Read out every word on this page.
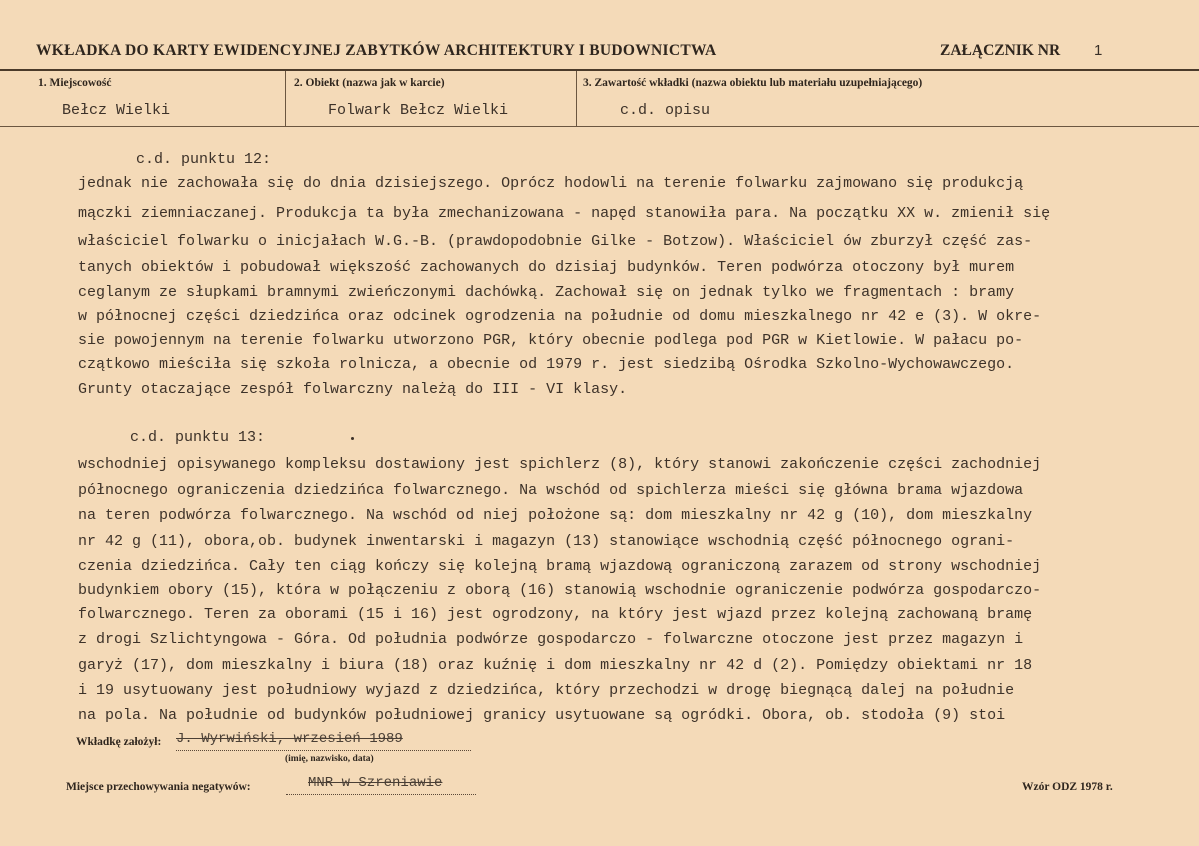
WKŁADKA DO KARTY EWIDENCYJNEJ ZABYTKÓW ARCHITEKTURY I BUDOWNICTWA	ZAŁĄCZNIK NR 1
1. Miejscowość
Bełcz Wielki
2. Obiekt (nazwa jak w karcie)
Folwark Bełcz Wielki
3. Zawartość wkładki (nazwa obiektu lub materiału uzupełniającego)
c.d. opisu
c.d. punktu 12:
jednak nie zachowała się do dnia dzisiejszego. Oprócz hodowli na terenie folwarku zajmowano się produkcją
mączki ziemniaczanej. Produkcja ta była zmechanizowana - napęd stanowiła para. Na początku XX w. zmienił się
właściciel folwarku o inicjałach W.G.-B. (prawdopodobnie Gilke - Botzow). Właściciel ów zburzył część zas-
tanych obiektów i pobudował większość zachowanych do dzisiaj budynków. Teren podwórza otoczony był murem
ceglanym ze słupkami bramnymi zwieńczonymi dachówką. Zachował się on jednak tylko we fragmentach : bramy
w północnej części dziedzińca oraz odcinek ogrodzenia na południe od domu mieszkalnego nr 42 e (3). W okre-
sie powojennym na terenie folwarku utworzono PGR, który obecnie podlega pod PGR w Kietlowie. W pałacu po-
czątkowo mieściła się szkoła rolnicza, a obecnie od 1979 r. jest siedzibą Ośrodka Szkolno-Wychowawczego.
Grunty otaczające zespół folwarczny należą do III - VI klasy.
c.d. punktu 13:
wschodniej opisywanego kompleksu dostawiony jest spichlerz (8), który stanowi zakończenie części zachodniej
północnego ograniczenia dziedzińca folwarcznego. Na wschód od spichlerza mieści się główna brama wjazdowa
na teren podwórza folwarcznego. Na wschód od niej położone są: dom mieszkalny nr 42 g (10), dom mieszkalny
nr 42 g (11), obora,ob. budynek inwentarski i magazyn (13) stanowiące wschodnią część północnego ograni-
czenia dziedzińca. Cały ten ciąg kończy się kolejną bramą wjazdową ograniczoną zarazem od strony wschodniej
budynkiem obory (15), która w połączeniu z oborą (16) stanowią wschodnie ograniczenie podwórza gospodarczo-
folwarcznego. Teren za oborami (15 i 16) jest ogrodzony, na który jest wjazd przez kolejną zachowaną bramę
z drogi Szlichtyngowa - Góra. Od południa podwórze gospodarczo - folwarczne otoczone jest przez magazyn i
garyż (17), dom mieszkalny i biura (18) oraz kuźnię i dom mieszkalny nr 42 d (2). Pomiędzy obiektami nr 18
i 19 usytuowany jest południowy wyjazd z dziedzińca, który przechodzi w drogę biegnącą dalej na południe
na pola. Na południe od budynków południowej granicy usytuowane są ogródki. Obora, ob. stodoła (9) stoi
Wkładkę założył: J. Wyrwiński, wrzesień 1989
(imię, nazwisko, data)
Miejsce przechowywania negatywów:	MNR w Szreniawie	Wzór ODZ 1978 r.
